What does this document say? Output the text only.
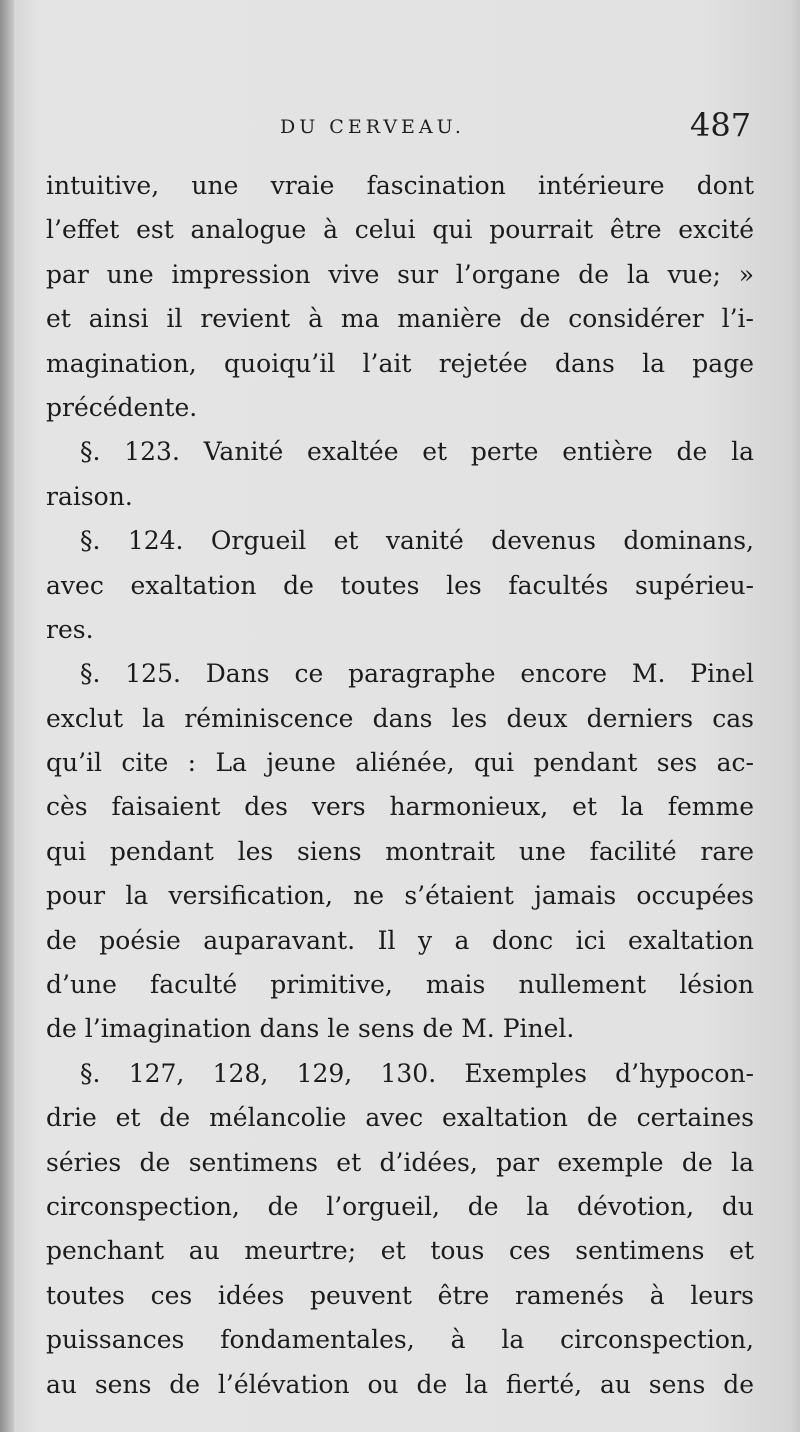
DU CERVEAU.	487
intuitive, une vraie fascination intérieure dont
l’effet est analogue à celui qui pourrait être excité
par une impression vive sur l’organe de la vue; »
et ainsi il revient à ma manière de considérer l’i-
magination, quoiqu’il l’ait rejetée dans la page
précédente.
§. 123. Vanité exaltée et perte entière de la
raison.
§. 124. Orgueil et vanité devenus dominans,
avec exaltation de toutes les facultés supérieu-
res.
§. 125. Dans ce paragraphe encore M. Pinel
exclut la réminiscence dans les deux derniers cas
qu’il cite : La jeune aliénée, qui pendant ses ac-
cès faisaient des vers harmonieux, et la femme
qui pendant les siens montrait une facilité rare
pour la versification, ne s’étaient jamais occupées
de poésie auparavant. Il y a donc ici exaltation
d’une faculté primitive, mais nullement lésion
de l’imagination dans le sens de M. Pinel.
§. 127, 128, 129, 130. Exemples d’hypocon-
drie et de mélancolie avec exaltation de certaines
séries de sentimens et d’idées, par exemple de la
circonspection, de l’orgueil, de la dévotion, du
penchant au meurtre; et tous ces sentimens et
toutes ces idées peuvent être ramenés à leurs
puissances fondamentales, à la circonspection,
au sens de l’élévation ou de la fierté, au sens de
